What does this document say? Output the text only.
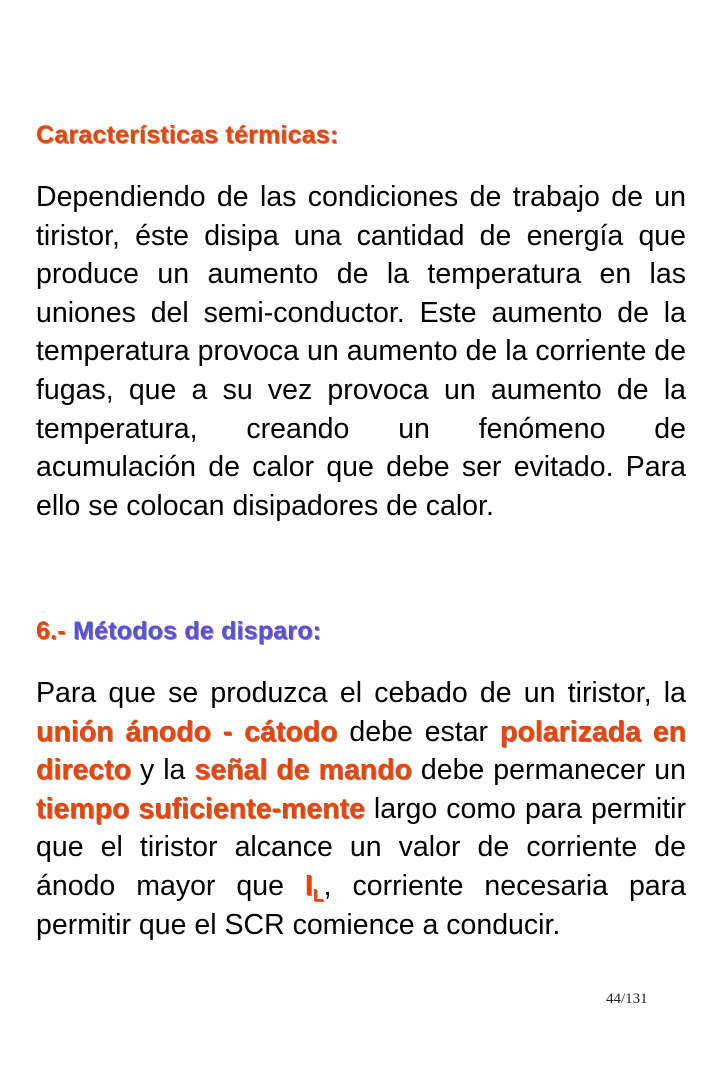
Características térmicas:

Dependiendo de las condiciones de trabajo de un tiristor, éste disipa una cantidad de energía que produce un aumento de la temperatura en las uniones del semi-conductor. Este aumento de la temperatura provoca un aumento de la corriente de fugas, que a su vez provoca un aumento de la temperatura, creando un fenómeno de acumulación de calor que debe ser evitado. Para ello se colocan disipadores de calor.

6.- Métodos de disparo:

Para que se produzca el cebado de un tiristor, la unión ánodo - cátodo debe estar polarizada en directo y la señal de mando debe permanecer un tiempo suficiente-mente largo como para permitir que el tiristor alcance un valor de corriente de ánodo mayor que $I_L$, corriente necesaria para permitir que el SCR comience a conducir.

44/131
